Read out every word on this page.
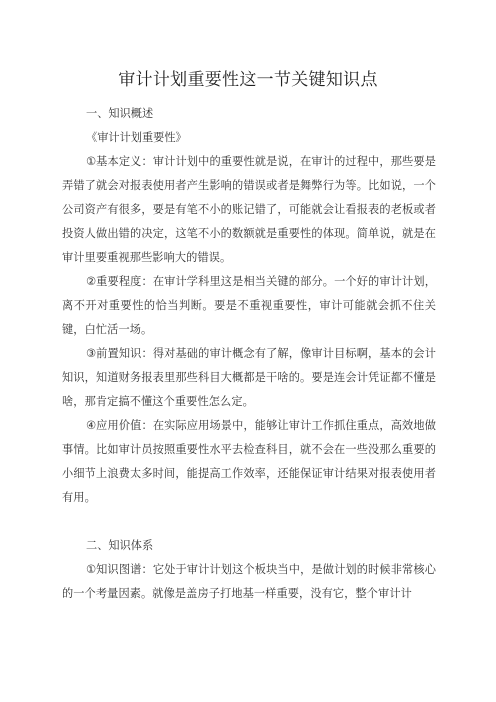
审计计划重要性这一节关键知识点

一、知识概述

《审计计划重要性》

①基本定义：审计计划中的重要性就是说，在审计的过程中，那些要是弄错了就会对报表使用者产生影响的错误或者是舞弊行为等。比如说，一个公司资产有很多，要是有笔不小的账记错了，可能就会让看报表的老板或者投资人做出错的决定，这笔不小的数额就是重要性的体现。简单说，就是在审计里要重视那些影响大的错误。

②重要程度：在审计学科里这是相当关键的部分。一个好的审计计划，离不开对重要性的恰当判断。要是不重视重要性，审计可能就会抓不住关键，白忙活一场。

③前置知识：得对基础的审计概念有了解，像审计目标啊，基本的会计知识，知道财务报表里那些科目大概都是干啥的。要是连会计凭证都不懂是啥，那肯定搞不懂这个重要性怎么定。

④应用价值：在实际应用场景中，能够让审计工作抓住重点，高效地做事情。比如审计员按照重要性水平去检查科目，就不会在一些没那么重要的小细节上浪费太多时间，能提高工作效率，还能保证审计结果对报表使用者有用。

二、知识体系

①知识图谱：它处于审计计划这个板块当中，是做计划的时候非常核心的一个考量因素。就像是盖房子打地基一样重要，没有它，整个审计计
